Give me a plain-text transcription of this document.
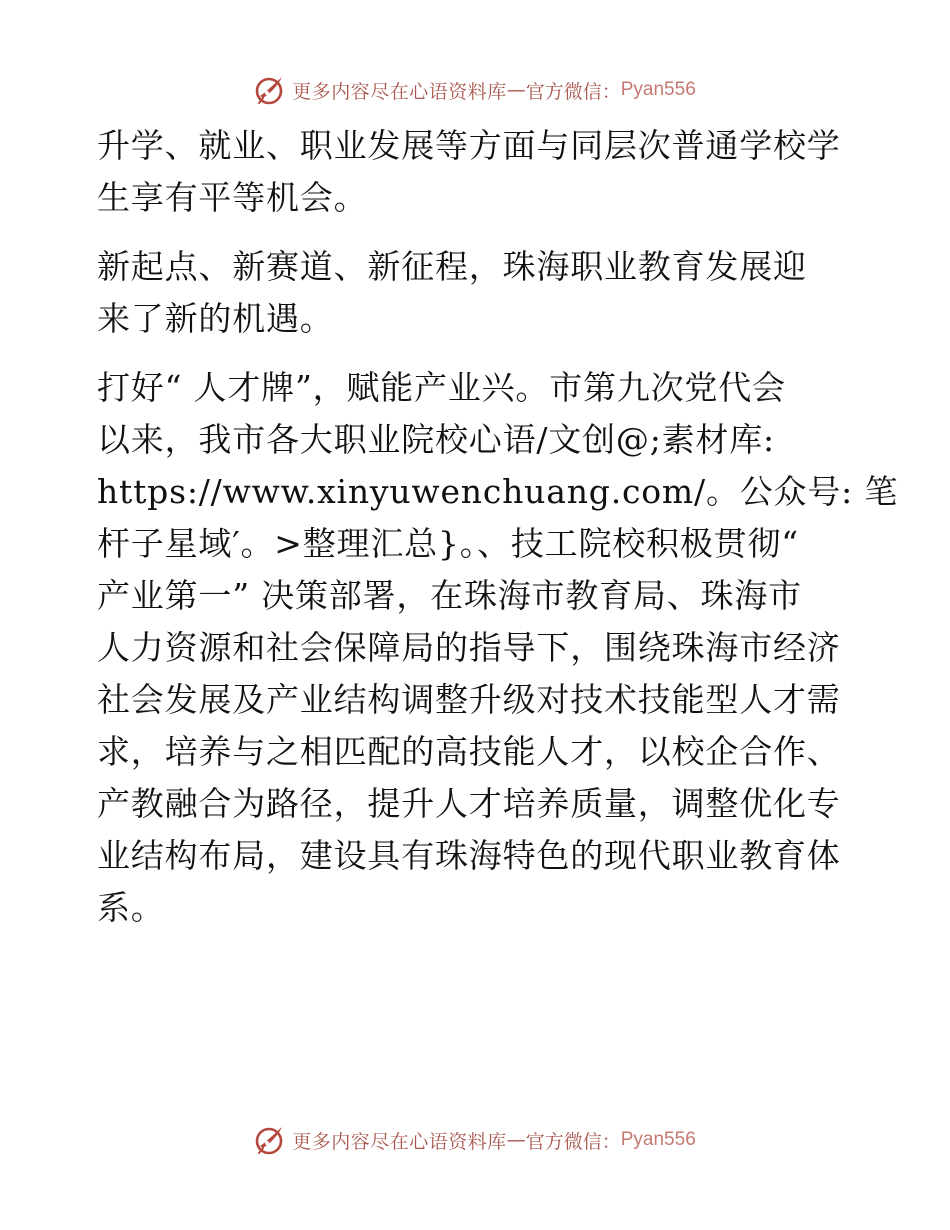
更多内容尽在心语资料库 — 官方微信： Pyan556

升学、就业、职业发展等方面与同层次普通学校学
生享有平等机会。

新起点、新赛道、新征程，珠海职业教育发展迎
来了新的机遇。

打好“ 人才牌”，赋能产业兴。市第九次党代会
以来，我市各大职业院校心语/文创@;素材库:
https://www.xinyuwenchuang.com/。公众号: 笔
杆子星域′。>整理汇总}。、技工院校积极贯彻“
产业第一” 决策部署，在珠海市教育局、珠海市
人力资源和社会保障局的指导下，围绕珠海市经济
社会发展及产业结构调整升级对技术技能型人才需
求，培养与之相匹配的高技能人才，以校企合作、
产教融合为路径，提升人才培养质量，调整优化专
业结构布局，建设具有珠海特色的现代职业教育体
系。

更多内容尽在心语资料库 — 官方微信： Pyan556
